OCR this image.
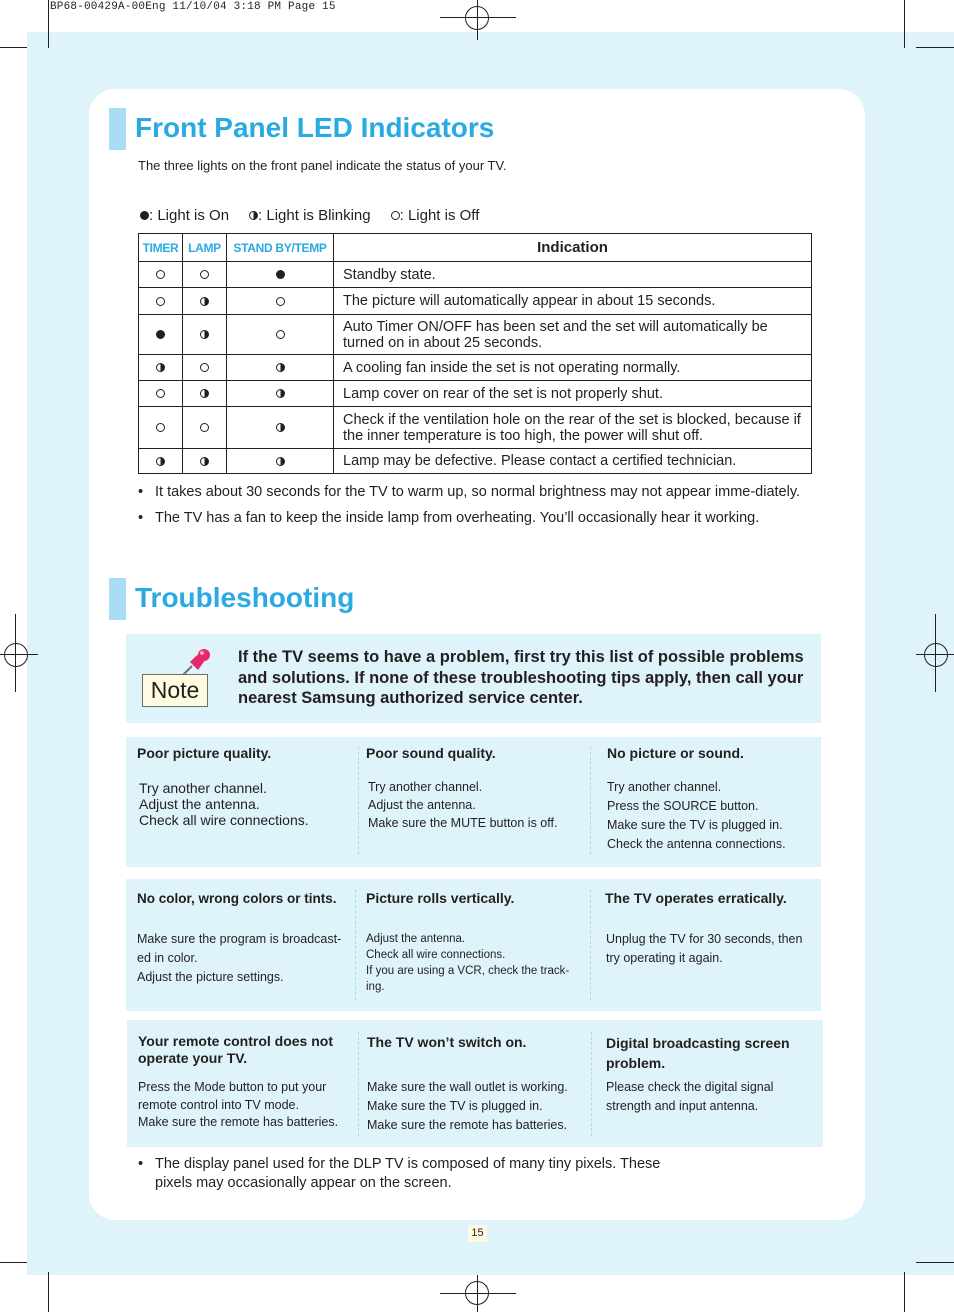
BP68-00429A-00Eng 11/10/04 3:18 PM Page 15
Front Panel LED Indicators
The three lights on the front panel indicate the status of your TV.
: Light is On : Light is Blinking : Light is Off
TIMER	LAMP	STAND BY/TEMP	Indication
			Standby state.
			The picture will automatically appear in about 15 seconds.
			Auto Timer ON/OFF has been set and the set will automatically be turned on in about 25 seconds.
			A cooling fan inside the set is not operating normally.
			Lamp cover on rear of the set is not properly shut.
			Check if the ventilation hole on the rear of the set is blocked, because if the inner temperature is too high, the power will shut off.
			Lamp may be defective. Please contact a certified technician.
• It takes about 30 seconds for the TV to warm up, so normal brightness may not appear imme-diately.
• The TV has a fan to keep the inside lamp from overheating. You’ll occasionally hear it working.
Troubleshooting
Note
If the TV seems to have a problem, first try this list of possible problems and solutions. If none of these troubleshooting tips apply, then call your nearest Samsung authorized service center.
Poor picture quality.
Try another channel.
Adjust the antenna.
Check all wire connections.
Poor sound quality.
Try another channel.
Adjust the antenna.
Make sure the MUTE button is off.
No picture or sound.
Try another channel.
Press the SOURCE button.
Make sure the TV is plugged in.
Check the antenna connections.
No color, wrong colors or tints.
Make sure the program is broadcast-ed in color.
Adjust the picture settings.
Picture rolls vertically.
Adjust the antenna.
Check all wire connections.
If you are using a VCR, check the track-ing.
The TV operates erratically.
Unplug the TV for 30 seconds, then try operating it again.
Your remote control does not operate your TV.
Press the Mode button to put your remote control into TV mode.
Make sure the remote has batteries.
The TV won’t switch on.
Make sure the wall outlet is working.
Make sure the TV is plugged in.
Make sure the remote has batteries.
Digital broadcasting screen problem.
Please check the digital signal strength and input antenna.
• The display panel used for the DLP TV is composed of many tiny pixels. These pixels may occasionally appear on the screen.
15
